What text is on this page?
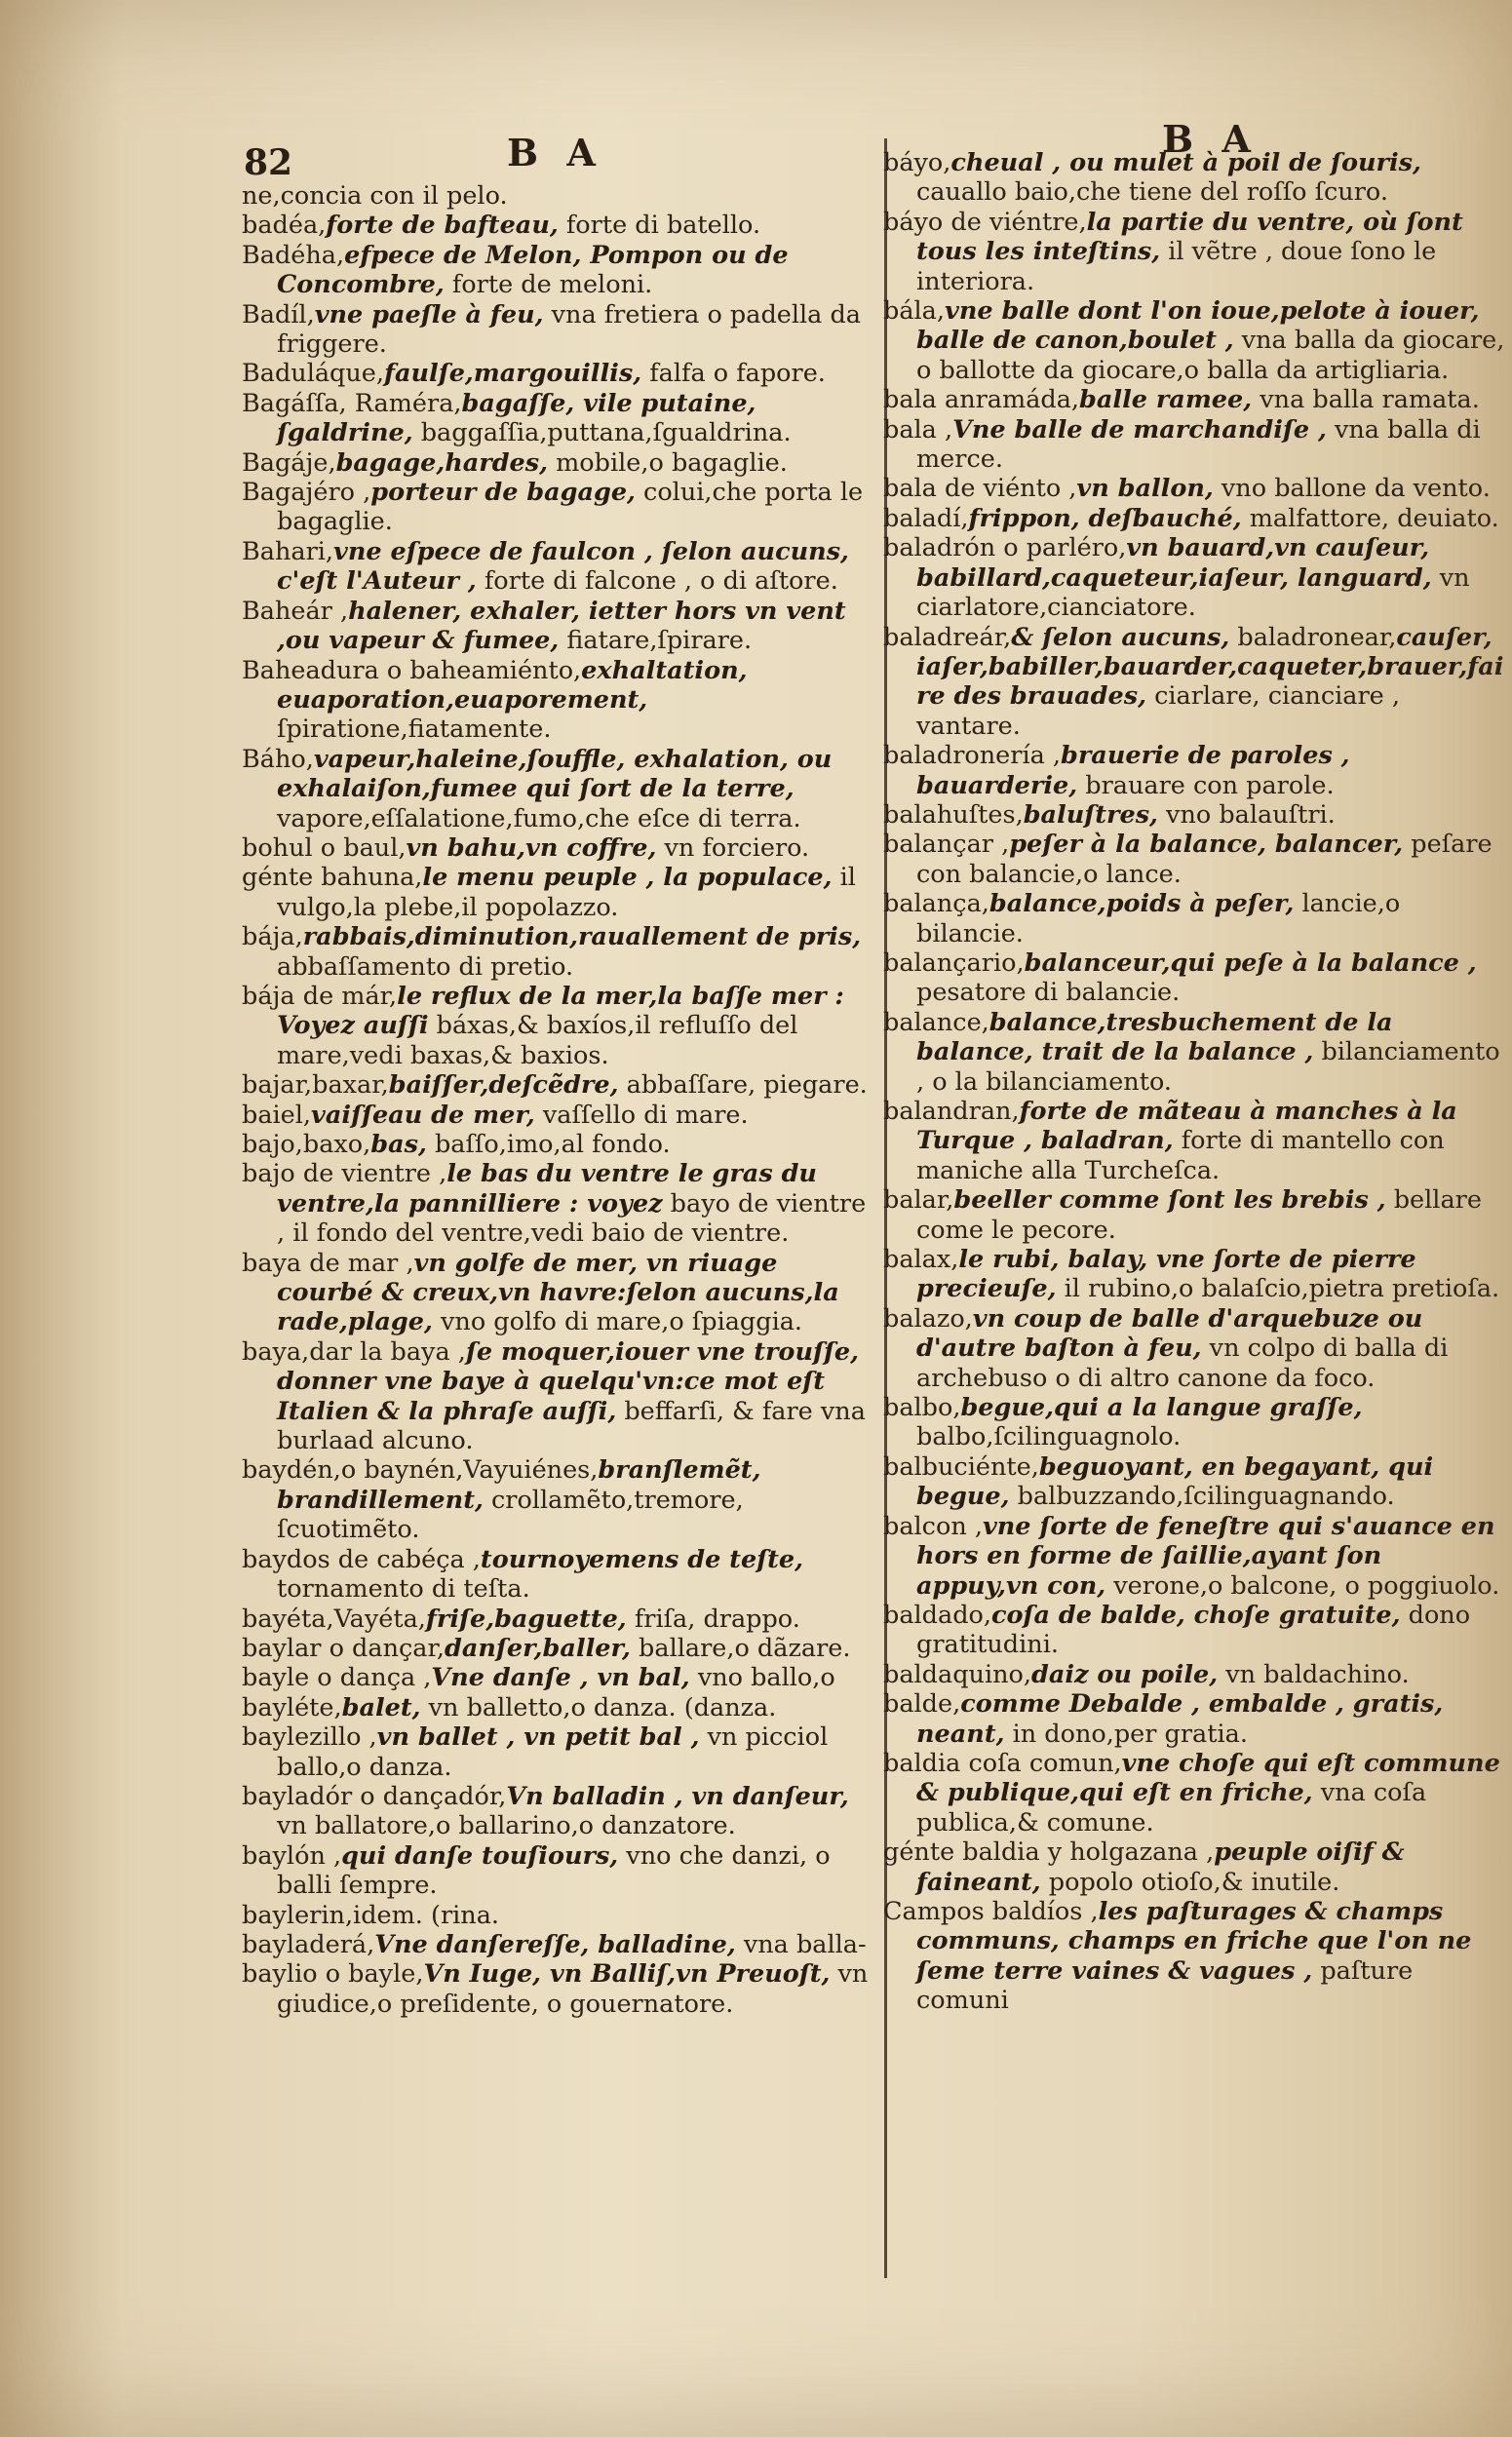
82	B A	B A

ne,concia con il pelo.

badéa,forte de bafteau, forte di batello.

Badéha,efpece de Melon, Pompon ou de Concombre, forte de meloni.

Badíl,vne paeſle à feu, vna fretiera o padella da friggere.

Baduláque,faulſe,margouillis, falfa o fapore.

Bagáſſa, Raméra,bagaſſe, vile putaine, ſgaldrine, baggaſſia,puttana,ſgualdrina.

Bagáje,bagage,hardes, mobile,o bagaglie.

Bagajéro ,porteur de bagage, colui,che porta le bagaglie.

Bahari,vne eſpece de faulcon , ſelon aucuns, c'eſt l'Auteur , forte di falcone , o di aſtore.

Baheár ,halener, exhaler, ietter hors vn vent ,ou vapeur & fumee, fiatare,ſpirare.

Baheadura o baheamiénto,exhaltation, euaporation,euaporement, ſpiratione,fiatamente.

Báho,vapeur,haleine,ſouffle, exhalation, ou exhalaiſon,fumee qui ſort de la terre, vapore,eſſalatione,fumo,che eſce di terra.

bohul o baul,vn bahu,vn coffre, vn forciero.

génte bahuna,le menu peuple , la populace, il vulgo,la plebe,il popolazzo.

bája,rabbais,diminution,rauallement de pris, abbaſſamento di pretio.

bája de már,le reflux de la mer,la baſſe mer : Voyez auſſi báxas,& baxíos,il refluſſo del mare,vedi baxas,& baxios.

bajar,baxar,baiſſer,deſcẽdre, abbaſſare, piegare.

baiel,vaiſſeau de mer, vaſſello di mare.

bajo,baxo,bas, baſſo,imo,al fondo.

bajo de vientre ,le bas du ventre le gras du ventre,la pannilliere : voyez bayo de vientre , il fondo del ventre,vedi baio de vientre.

baya de mar ,vn golfe de mer, vn riuage courbé & creux,vn havre:ſelon aucuns,la rade,plage, vno golfo di mare,o ſpiaggia.

baya,dar la baya ,ſe moquer,iouer vne trouſſe, donner vne baye à quelqu'vn:ce mot eſt Italien & la phraſe auſſi, beffarſi, & fare vna burlaad alcuno.

baydén,o baynén,Vayuiénes,branſlemẽt, brandillement, crollamẽto,tremore, ſcuotimẽto.

baydos de cabéça ,tournoyemens de teſte, tornamento di teſta.

bayéta,Vayéta,friſe,baguette, friſa, drappo.

baylar o dançar,danſer,baller, ballare,o dãzare.

bayle o dança ,Vne danſe , vn bal, vno ballo,o

bayléte,balet, vn balletto,o danza. (danza.

baylezillo ,vn ballet , vn petit bal , vn picciol ballo,o danza.

bayladór o dançadór,Vn balladin , vn danſeur, vn ballatore,o ballarino,o danzatore.

baylón ,qui danſe touſiours, vno che danzi, o balli ſempre.

baylerin,idem. (rina.

bayladerá,Vne danſereſſe, balladine, vna balla-

baylio o bayle,Vn Iuge, vn Balliſ,vn Preuoſt, vn giudice,o preſidente, o gouernatore.

báyo,cheual , ou mulet à poil de ſouris, cauallo baio,che tiene del roſſo ſcuro.

báyo de viéntre,la partie du ventre, où ſont tous les inteſtins, il vẽtre , doue ſono le interiora.

bála,vne balle dont l'on ioue,pelote à iouer, balle de canon,boulet , vna balla da giocare, o ballotte da giocare,o balla da artigliaria.

bala anramáda,balle ramee, vna balla ramata.

bala ,Vne balle de marchandiſe , vna balla di merce.

bala de viénto ,vn ballon, vno ballone da vento.

baladí,frippon, deſbauché, malfattore, deuiato.

baladrón o parléro,vn bauard,vn cauſeur, babillard,caqueteur,iaſeur, languard, vn ciarlatore,cianciatore.

baladreár,& ſelon aucuns, baladronear,cauſer, iaſer,babiller,bauarder,caqueter,brauer,faire des brauades, ciarlare, cianciare , vantare.

baladronería ,brauerie de paroles , bauarderie, brauare con parole.

balahuſtes,baluſtres, vno balauſtri.

balançar ,peſer à la balance, balancer, peſare con balancie,o lance.

balança,balance,poids à peſer, lancie,o bilancie.

balançario,balanceur,qui peſe à la balance , pesatore di balancie.

balance,balance,tresbuchement de la balance, trait de la balance , bilanciamento , o la bilanciamento.

balandran,forte de mãteau à manches à la Turque , baladran, forte di mantello con maniche alla Turcheſca.

balar,beeller comme ſont les brebis , bellare come le pecore.

balax,le rubi, balay, vne ſorte de pierre precieuſe, il rubino,o balaſcio,pietra pretioſa.

balazo,vn coup de balle d'arquebuze ou d'autre baſton à feu, vn colpo di balla di archebuso o di altro canone da foco.

balbo,begue,qui a la langue graſſe, balbo,ſcilinguagnolo.

balbuciénte,beguoyant, en begayant, qui begue, balbuzzando,ſcilinguagnando.

balcon ,vne ſorte de feneſtre qui s'auance en hors en forme de ſaillie,ayant ſon appuy,vn con, verone,o balcone, o poggiuolo.

baldado,coſa de balde, choſe gratuite, dono gratitudini.

baldaquino,daiz ou poile, vn baldachino.

balde,comme Debalde , embalde , gratis, neant, in dono,per gratia.

baldia coſa comun,vne choſe qui eſt commune & publique,qui eſt en friche, vna coſa publica,& comune.

génte baldia y holgazana ,peuple oiſif & faineant, popolo otioſo,& inutile.

Campos baldíos ,les paſturages & champs communs, champs en friche que l'on ne ſeme terre vaines & vagues , paſture comuni
